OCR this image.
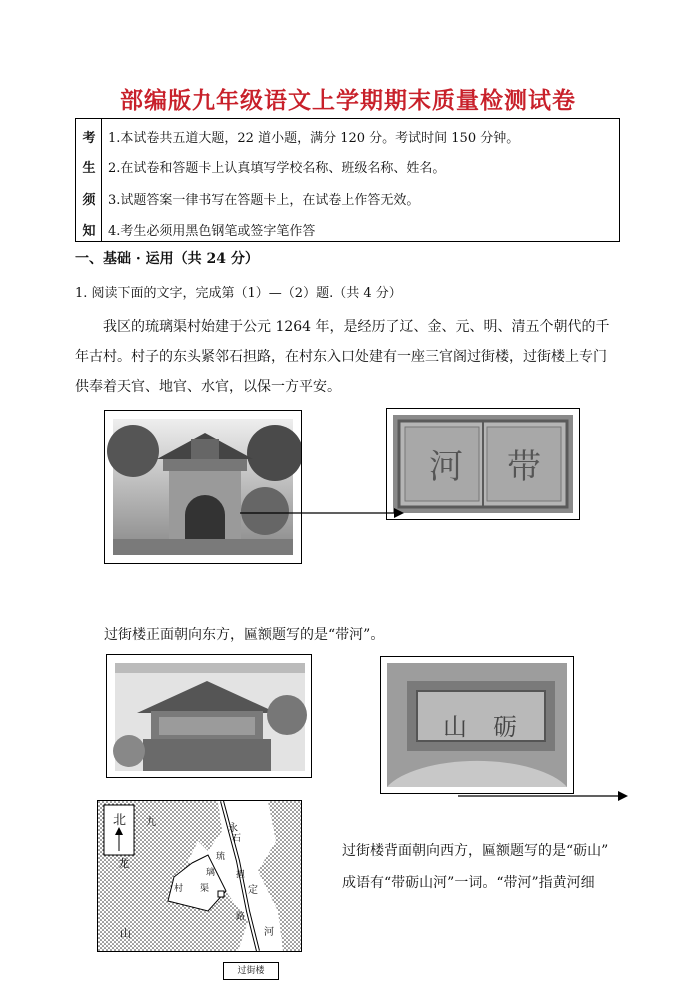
部编版九年级语文上学期期末质量检测试卷
考
生
须
知
1.本试卷共五道大题，22 道小题，满分 120 分。考试时间 150 分钟。
2.在试卷和答题卡上认真填写学校名称、班级名称、姓名。
3.试题答案一律书写在答题卡上，在试卷上作答无效。
4.考生必须用黑色钢笔或签字笔作答
一、基础 · 运用（共 24 分）
1. 阅读下面的文字，完成第（1）—（2）题.（共 4 分）
我区的琉璃渠村始建于公元 1264 年，是经历了辽、金、元、明、清五个朝代的千年古村。村子的东头紧邻石担路，在村东入口处建有一座三官阁过街楼，过街楼上专门供奉着天官、地官、水官，以保一方平安。
河 带
过街楼正面朝向东方，匾额题写的是“带河”。
山 砺
北 九
龙
山
永
石
定
担
路
琉
璃
渠
村
河
过街楼
过街楼背面朝向西方，匾额题写的是“砺山”
成语有“带砺山河”一词。“带河”指黄河细
